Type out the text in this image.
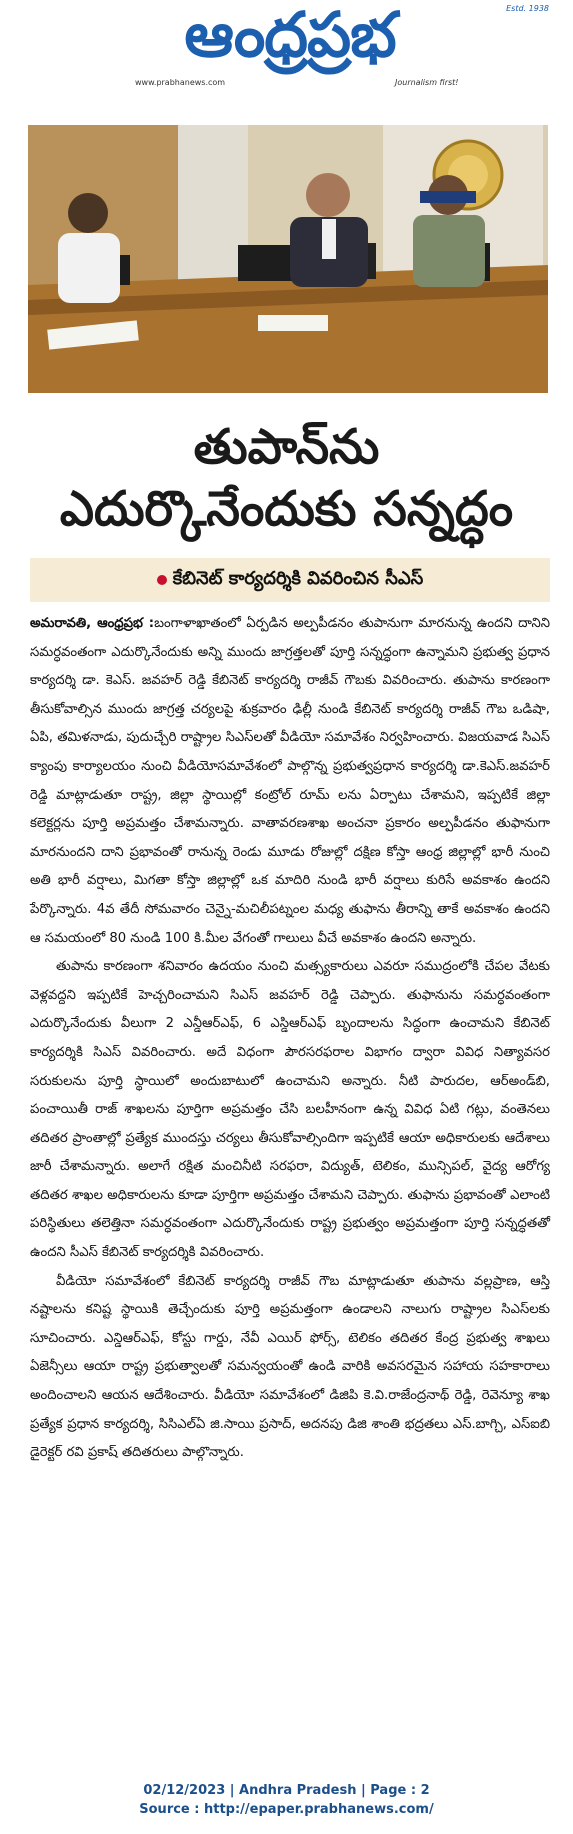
ఆంధ్రప్రభ	Estd. 1938
www.prabhanews.com	Journalism first!
తుపాన్‌ను
ఎదుర్కొనేందుకు సన్నద్ధం
కేబినెట్ కార్యదర్శికి వివరించిన సీఎస్

అమరావతి, ఆంధ్రప్రభ :బంగాళాఖాతంలో ఏర్పడిన అల్పపీడనం తుపానుగా మారనున్న ఉందని దానిని సమర్ధవంతంగా ఎదుర్కొనేందుకు అన్ని ముందు జాగ్రత్తలతో పూర్తి సన్నద్ధంగా ఉన్నామని ప్రభుత్వ ప్రధాన కార్యదర్శి డా. కెఎస్. జవహర్ రెడ్డి కేబినెట్ కార్యదర్శి రాజీవ్ గౌబకు వివరించారు. తుపాను కారణంగా తీసుకోవాల్సిన ముందు జాగ్రత్త చర్యలపై శుక్రవారం ఢిల్లీ నుండి కేబినెట్ కార్యదర్శి రాజీవ్ గౌబ ఒడిషా, ఏపి, తమిళనాడు, పుదుచ్చేరి రాష్ట్రాల సిఎస్‌లతో వీడియో సమావేశం నిర్వహించారు. విజయవాడ సిఎస్ క్యాంపు కార్యాలయం నుంచి వీడియోసమావేశంలో పాల్గొన్న ప్రభుత్వప్రధాన కార్యదర్శి డా.కెఎస్.జవహర్ రెడ్డి మాట్లాడుతూ రాష్ట్ర, జిల్లా స్థాయిల్లో కంట్రోల్ రూమ్ లను ఏర్పాటు చేశామని, ఇప్పటికే జిల్లా కలెక్టర్లను పూర్తి అప్రమత్తం చేశామన్నారు. వాతావరణశాఖ అంచనా ప్రకారం అల్పపీడనం తుఫానుగా మారనుందని దాని ప్రభావంతో రానున్న రెండు మూడు రోజుల్లో దక్షిణ కోస్తా ఆంధ్ర జిల్లాల్లో భారీ నుంచి అతి భారీ వర్షాలు, మిగతా కోస్తా జిల్లాల్లో ఒక మాదిరి నుండి భారీ వర్షాలు కురిసే అవకాశం ఉందని పేర్కొన్నారు. 4వ తేదీ సోమవారం చెన్నై-మచిలీపట్నంల మధ్య తుఫాను తీరాన్ని తాకే అవకాశం ఉందని ఆ సమయంలో 80 నుండి 100 కి.మీల వేగంతో గాలులు వీచే అవకాశం ఉందని అన్నారు.

తుపాను కారణంగా శనివారం ఉదయం నుంచి మత్స్యకారులు ఎవరూ సముద్రంలోకి చేపల వేటకు వెళ్లవద్దని ఇప్పటికే హెచ్చరించామని సిఎస్ జవహర్ రెడ్డి చెప్పారు. తుఫానును సమర్ధవంతంగా ఎదుర్కొనేందుకు వీలుగా 2 ఎన్డీఆర్ఎఫ్, 6 ఎస్డిఆర్ఎఫ్ బృందాలను సిద్ధంగా ఉంచామని కేబినెట్ కార్యదర్శికి సిఎస్ వివరించారు. అదే విధంగా పౌరసరఫరాల విభాగం ద్వారా వివిధ నిత్యావసర సరుకులను పూర్తి స్థాయిలో అందుబాటులో ఉంచామని అన్నారు. నీటి పారుదల, ఆర్అండ్‌బి, పంచాయితీ రాజ్ శాఖలను పూర్తిగా అప్రమత్తం చేసి బలహీనంగా ఉన్న వివిధ ఏటి గట్లు, వంతెనలు తదితర ప్రాంతాల్లో ప్రత్యేక ముందస్తు చర్యలు తీసుకోవాల్సిందిగా ఇప్పటికే ఆయా అధికారులకు ఆదేశాలు జారీ చేశామన్నారు. అలాగే రక్షిత మంచినీటి సరఫరా, విద్యుత్, టెలికం, మున్సిపల్, వైద్య ఆరోగ్య తదితర శాఖల అధికారులను కూడా పూర్తిగా అప్రమత్తం చేశామని చెప్పారు. తుఫాను ప్రభావంతో ఎలాంటి పరిస్థితులు తలెత్తినా సమర్ధవంతంగా ఎదుర్కొనేందుకు రాష్ట్ర ప్రభుత్వం అప్రమత్తంగా పూర్తి సన్నద్ధతతో ఉందని సీఎస్ కేబినెట్ కార్యదర్శికి వివరించారు.

వీడియో సమావేశంలో కేబినెట్ కార్యదర్శి రాజీవ్ గౌబ మాట్లాడుతూ తుపాను వల్లప్రాణ, ఆస్తి నష్టాలను కనిష్ట స్థాయికి తెచ్చేందుకు పూర్తి అప్రమత్తంగా ఉండాలని నాలుగు రాష్ట్రాల సిఎస్‌లకు సూచించారు. ఎన్డిఆర్ఎఫ్, కోస్టు గార్డు, నేవీ ఎయిర్ ఫోర్స్, టెలికం తదితర కేంద్ర ప్రభుత్వ శాఖలు ఏజెన్సీలు ఆయా రాష్ట్ర ప్రభుత్వాలతో సమన్వయంతో ఉండి వారికి అవసరమైన సహాయ సహకారాలు అందించాలని ఆయన ఆదేశించారు. వీడియో సమావేశంలో డిజిపి కె.వి.రాజేంద్రనాథ్ రెడ్డి, రెవెన్యూ శాఖ ప్రత్యేక ప్రధాన కార్యదర్శి, సిసిఎల్ఏ జి.సాయి ప్రసాద్, అదనపు డిజి శాంతి భద్రతలు ఎస్.బాగ్చి, ఎస్ఐబి డైరెక్టర్ రవి ప్రకాష్ తదితరులు పాల్గొన్నారు.

02/12/2023 | Andhra Pradesh | Page : 2
Source : http://epaper.prabhanews.com/
